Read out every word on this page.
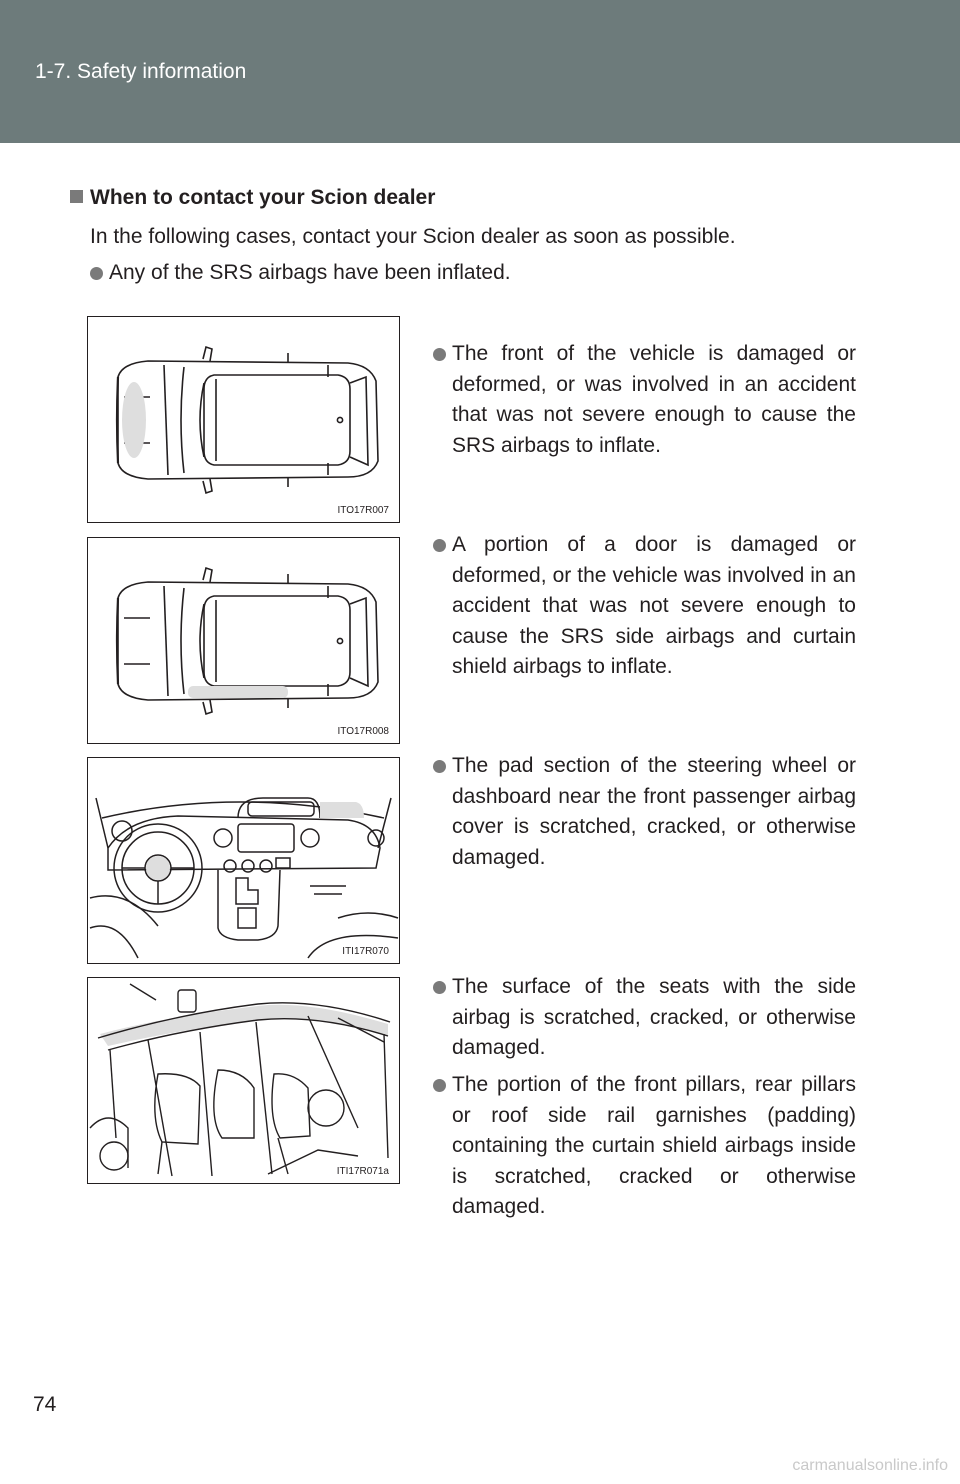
1-7. Safety information
When to contact your Scion dealer
In the following cases, contact your Scion dealer as soon as possible.
Any of the SRS airbags have been inflated.
ITO17R007
The front of the vehicle is damaged or deformed, or was involved in an accident that was not severe enough to cause the SRS airbags to inflate.
ITO17R008
A portion of a door is damaged or deformed, or the vehicle was involved in an accident that was not severe enough to cause the SRS side airbags and curtain shield airbags to inflate.
ITI17R070
The pad section of the steering wheel or dashboard near the front passenger airbag cover is scratched, cracked, or otherwise damaged.
ITI17R071a
The surface of the seats with the side airbag is scratched, cracked, or otherwise damaged.
The portion of the front pillars, rear pillars or roof side rail garnishes (padding) containing the curtain shield airbags inside is scratched, cracked or otherwise damaged.
74
carmanualsonline.info
